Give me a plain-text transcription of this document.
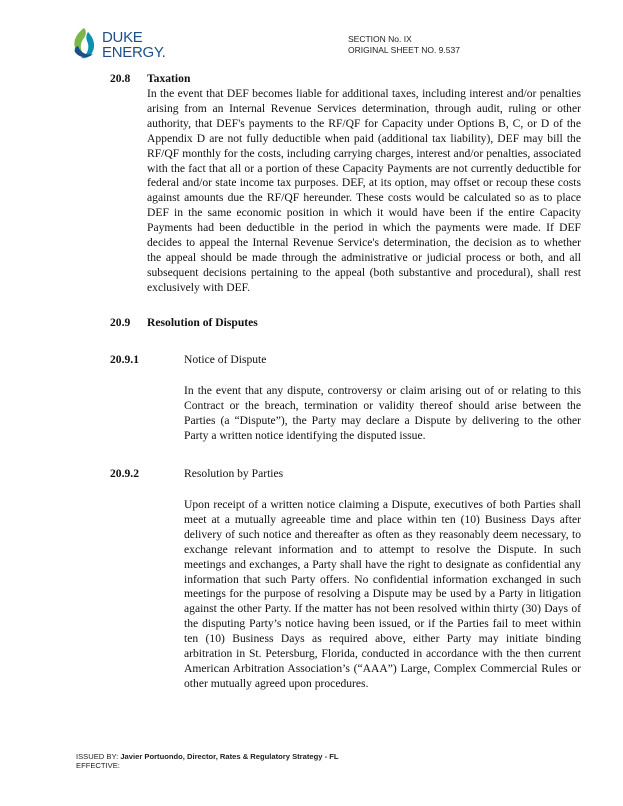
DUKE
ENERGY.
SECTION No. IX
ORIGINAL SHEET NO. 9.537
20.8 Taxation

In the event that DEF becomes liable for additional taxes, including interest and/or penalties arising from an Internal Revenue Services determination, through audit, ruling or other authority, that DEF's payments to the RF/QF for Capacity under Options B, C, or D of the Appendix D are not fully deductible when paid (additional tax liability), DEF may bill the RF/QF monthly for the costs, including carrying charges, interest and/or penalties, associated with the fact that all or a portion of these Capacity Payments are not currently deductible for federal and/or state income tax purposes. DEF, at its option, may offset or recoup these costs against amounts due the RF/QF hereunder. These costs would be calculated so as to place DEF in the same economic position in which it would have been if the entire Capacity Payments had been deductible in the period in which the payments were made. If DEF decides to appeal the Internal Revenue Service's determination, the decision as to whether the appeal should be made through the administrative or judicial process or both, and all subsequent decisions pertaining to the appeal (both substantive and procedural), shall rest exclusively with DEF.

20.9 Resolution of Disputes
20.9.1	Notice of Dispute

In the event that any dispute, controversy or claim arising out of or relating to this Contract or the breach, termination or validity thereof should arise between the Parties (a “Dispute”), the Party may declare a Dispute by delivering to the other Party a written notice identifying the disputed issue.

20.9.2	Resolution by Parties

Upon receipt of a written notice claiming a Dispute, executives of both Parties shall meet at a mutually agreeable time and place within ten (10) Business Days after delivery of such notice and thereafter as often as they reasonably deem necessary, to exchange relevant information and to attempt to resolve the Dispute. In such meetings and exchanges, a Party shall have the right to designate as confidential any information that such Party offers. No confidential information exchanged in such meetings for the purpose of resolving a Dispute may be used by a Party in litigation against the other Party. If the matter has not been resolved within thirty (30) Days of the disputing Party’s notice having been issued, or if the Parties fail to meet within ten (10) Business Days as required above, either Party may initiate binding arbitration in St. Petersburg, Florida, conducted in accordance with the then current American Arbitration Association’s (“AAA”) Large, Complex Commercial Rules or other mutually agreed upon procedures.

ISSUED BY: Javier Portuondo, Director, Rates & Regulatory Strategy - FL
EFFECTIVE:
